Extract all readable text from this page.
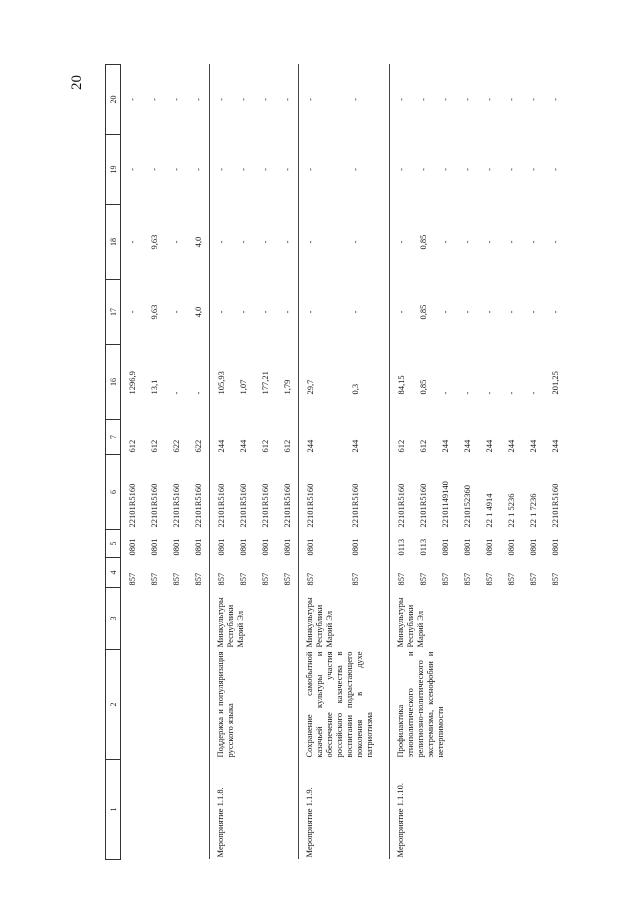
20
1	2	3	4	5	6	7	16	17	18	19	20
			857	0801	22101R5160	612	1296,9	-	-	-	-
			857	0801	22101R5160	612	13,1	9,63	9,63	-	-
			857	0801	22101R5160	622	-	-	-	-	-
			857	0801	22101R5160	622	-	4,0	4,0	-	-
Мероприятие 1.1.8.	Поддержка и популяризация русского языка	Минкультуры Республики Марий Эл	857	0801	22101R5160	244	105,93	-	-	-	-
			857	0801	22101R5160	244	1,07	-	-	-	-
			857	0801	22101R5160	612	177,21	-	-	-	-
			857	0801	22101R5160	612	1,79	-	-	-	-
Мероприятие 1.1.9.	Сохранение самобытной казачьей культуры и обеспечение участия российского казачества в воспитании подрастающего поколения в духе патриотизма	Минкультуры Республики Марий Эл	857	0801	22101R5160	244	29,7	-	-	-	-
			857	0801	22101R5160	244	0,3	-	-	-	-
Мероприятие 1.1.10.	Профилактика этнополитического и религиозно-политического экстремизма, ксенофобии и нетерпимости	Минкультуры Республики Марий Эл	857	0113	22101R5160	612	84,15	-	-	-	-
			857	0113	22101R5160	612	0,85	0,85	0,85	-	-
			857	0801	22101149140	244	-	-	-	-	-
			857	0801	2210152360	244	-	-	-	-	-
			857	0801	22 1 4914	244	-	-	-	-	-
			857	0801	22 1 5236	244	-	-	-	-	-
			857	0801	22 1 7236	244	-	-	-	-	-
			857	0801	22101R5160	244	201,25	-	-	-	-
